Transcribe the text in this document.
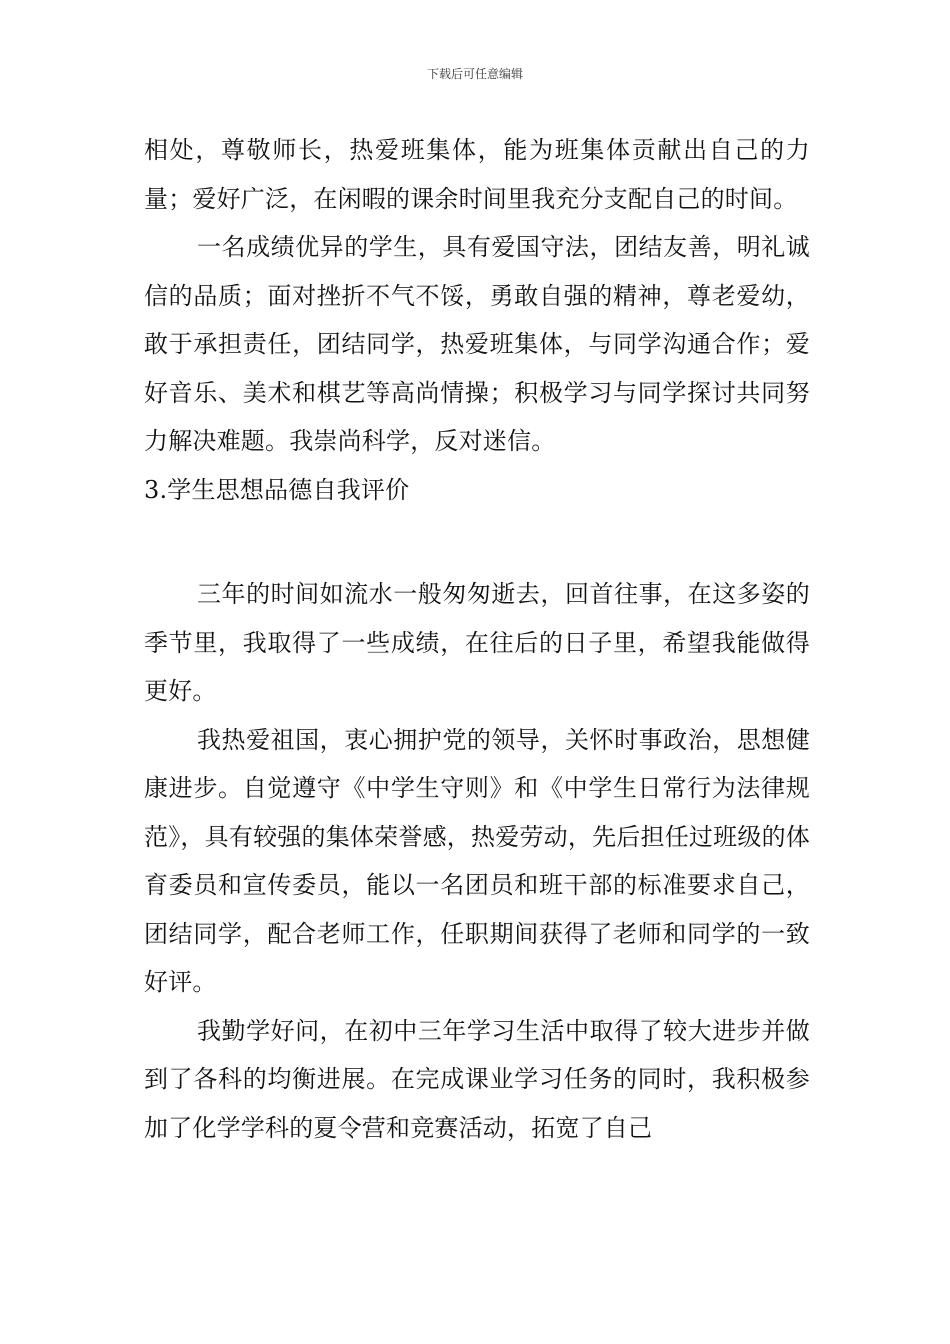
下载后可任意编辑

相处，尊敬师长，热爱班集体，能为班集体贡献出自己的力量；爱好广泛，在闲暇的课余时间里我充分支配自己的时间。

一名成绩优异的学生，具有爱国守法，团结友善，明礼诚信的品质；面对挫折不气不馁，勇敢自强的精神，尊老爱幼，敢于承担责任，团结同学，热爱班集体，与同学沟通合作；爱好音乐、美术和棋艺等高尚情操；积极学习与同学探讨共同努力解决难题。我崇尚科学，反对迷信。

3.学生思想品德自我评价

三年的时间如流水一般匆匆逝去，回首往事，在这多姿的季节里，我取得了一些成绩，在往后的日子里，希望我能做得更好。

我热爱祖国，衷心拥护党的领导，关怀时事政治，思想健康进步。自觉遵守《中学生守则》和《中学生日常行为法律规范》，具有较强的集体荣誉感，热爱劳动，先后担任过班级的体育委员和宣传委员，能以一名团员和班干部的标准要求自己，团结同学，配合老师工作，任职期间获得了老师和同学的一致好评。

我勤学好问，在初中三年学习生活中取得了较大进步并做到了各科的均衡进展。在完成课业学习任务的同时，我积极参加了化学学科的夏令营和竞赛活动，拓宽了自己
